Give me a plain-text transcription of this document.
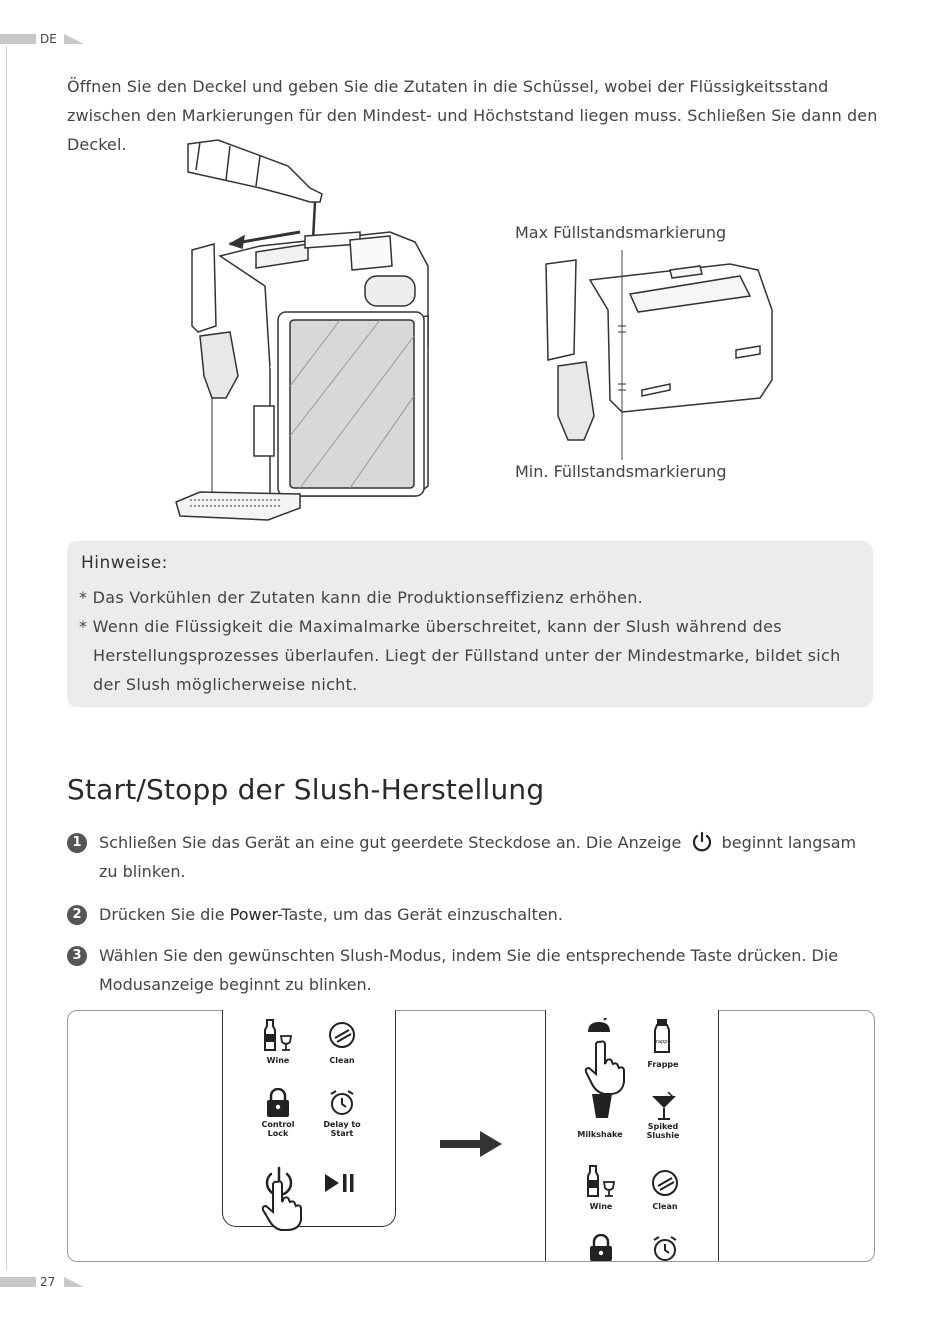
DE

Öffnen Sie den Deckel und geben Sie die Zutaten in die Schüssel, wobei der Flüssigkeitsstand zwischen den Markierungen für den Mindest- und Höchststand liegen muss. Schließen Sie dann den Deckel.

Max Füllstandsmarkierung
Min. Füllstandsmarkierung
Hinweise:
* Das Vorkühlen der Zutaten kann die Produktionseffizienz erhöhen.
* Wenn die Flüssigkeit die Maximalmarke überschreitet, kann der Slush während des Herstellungsprozesses überlaufen. Liegt der Füllstand unter der Mindestmarke, bildet sich der Slush möglicherweise nicht.
Start/Stopp der Slush-Herstellung
1	Schließen Sie das Gerät an eine gut geerdete Steckdose an. Die Anzeige	beginnt langsam zu blinken.
2	Drücken Sie die Power-Taste, um das Gerät einzuschalten.
3	Wählen Sie den gewünschten Slush-Modus, indem Sie die entsprechende Taste drücken. Die Modusanzeige beginnt zu blinken.
Wine	Clean
Control Lock
Delay to Start	Milkshake
Frappe
Frappe
Spiked Slushie
Wine	Clean
27
